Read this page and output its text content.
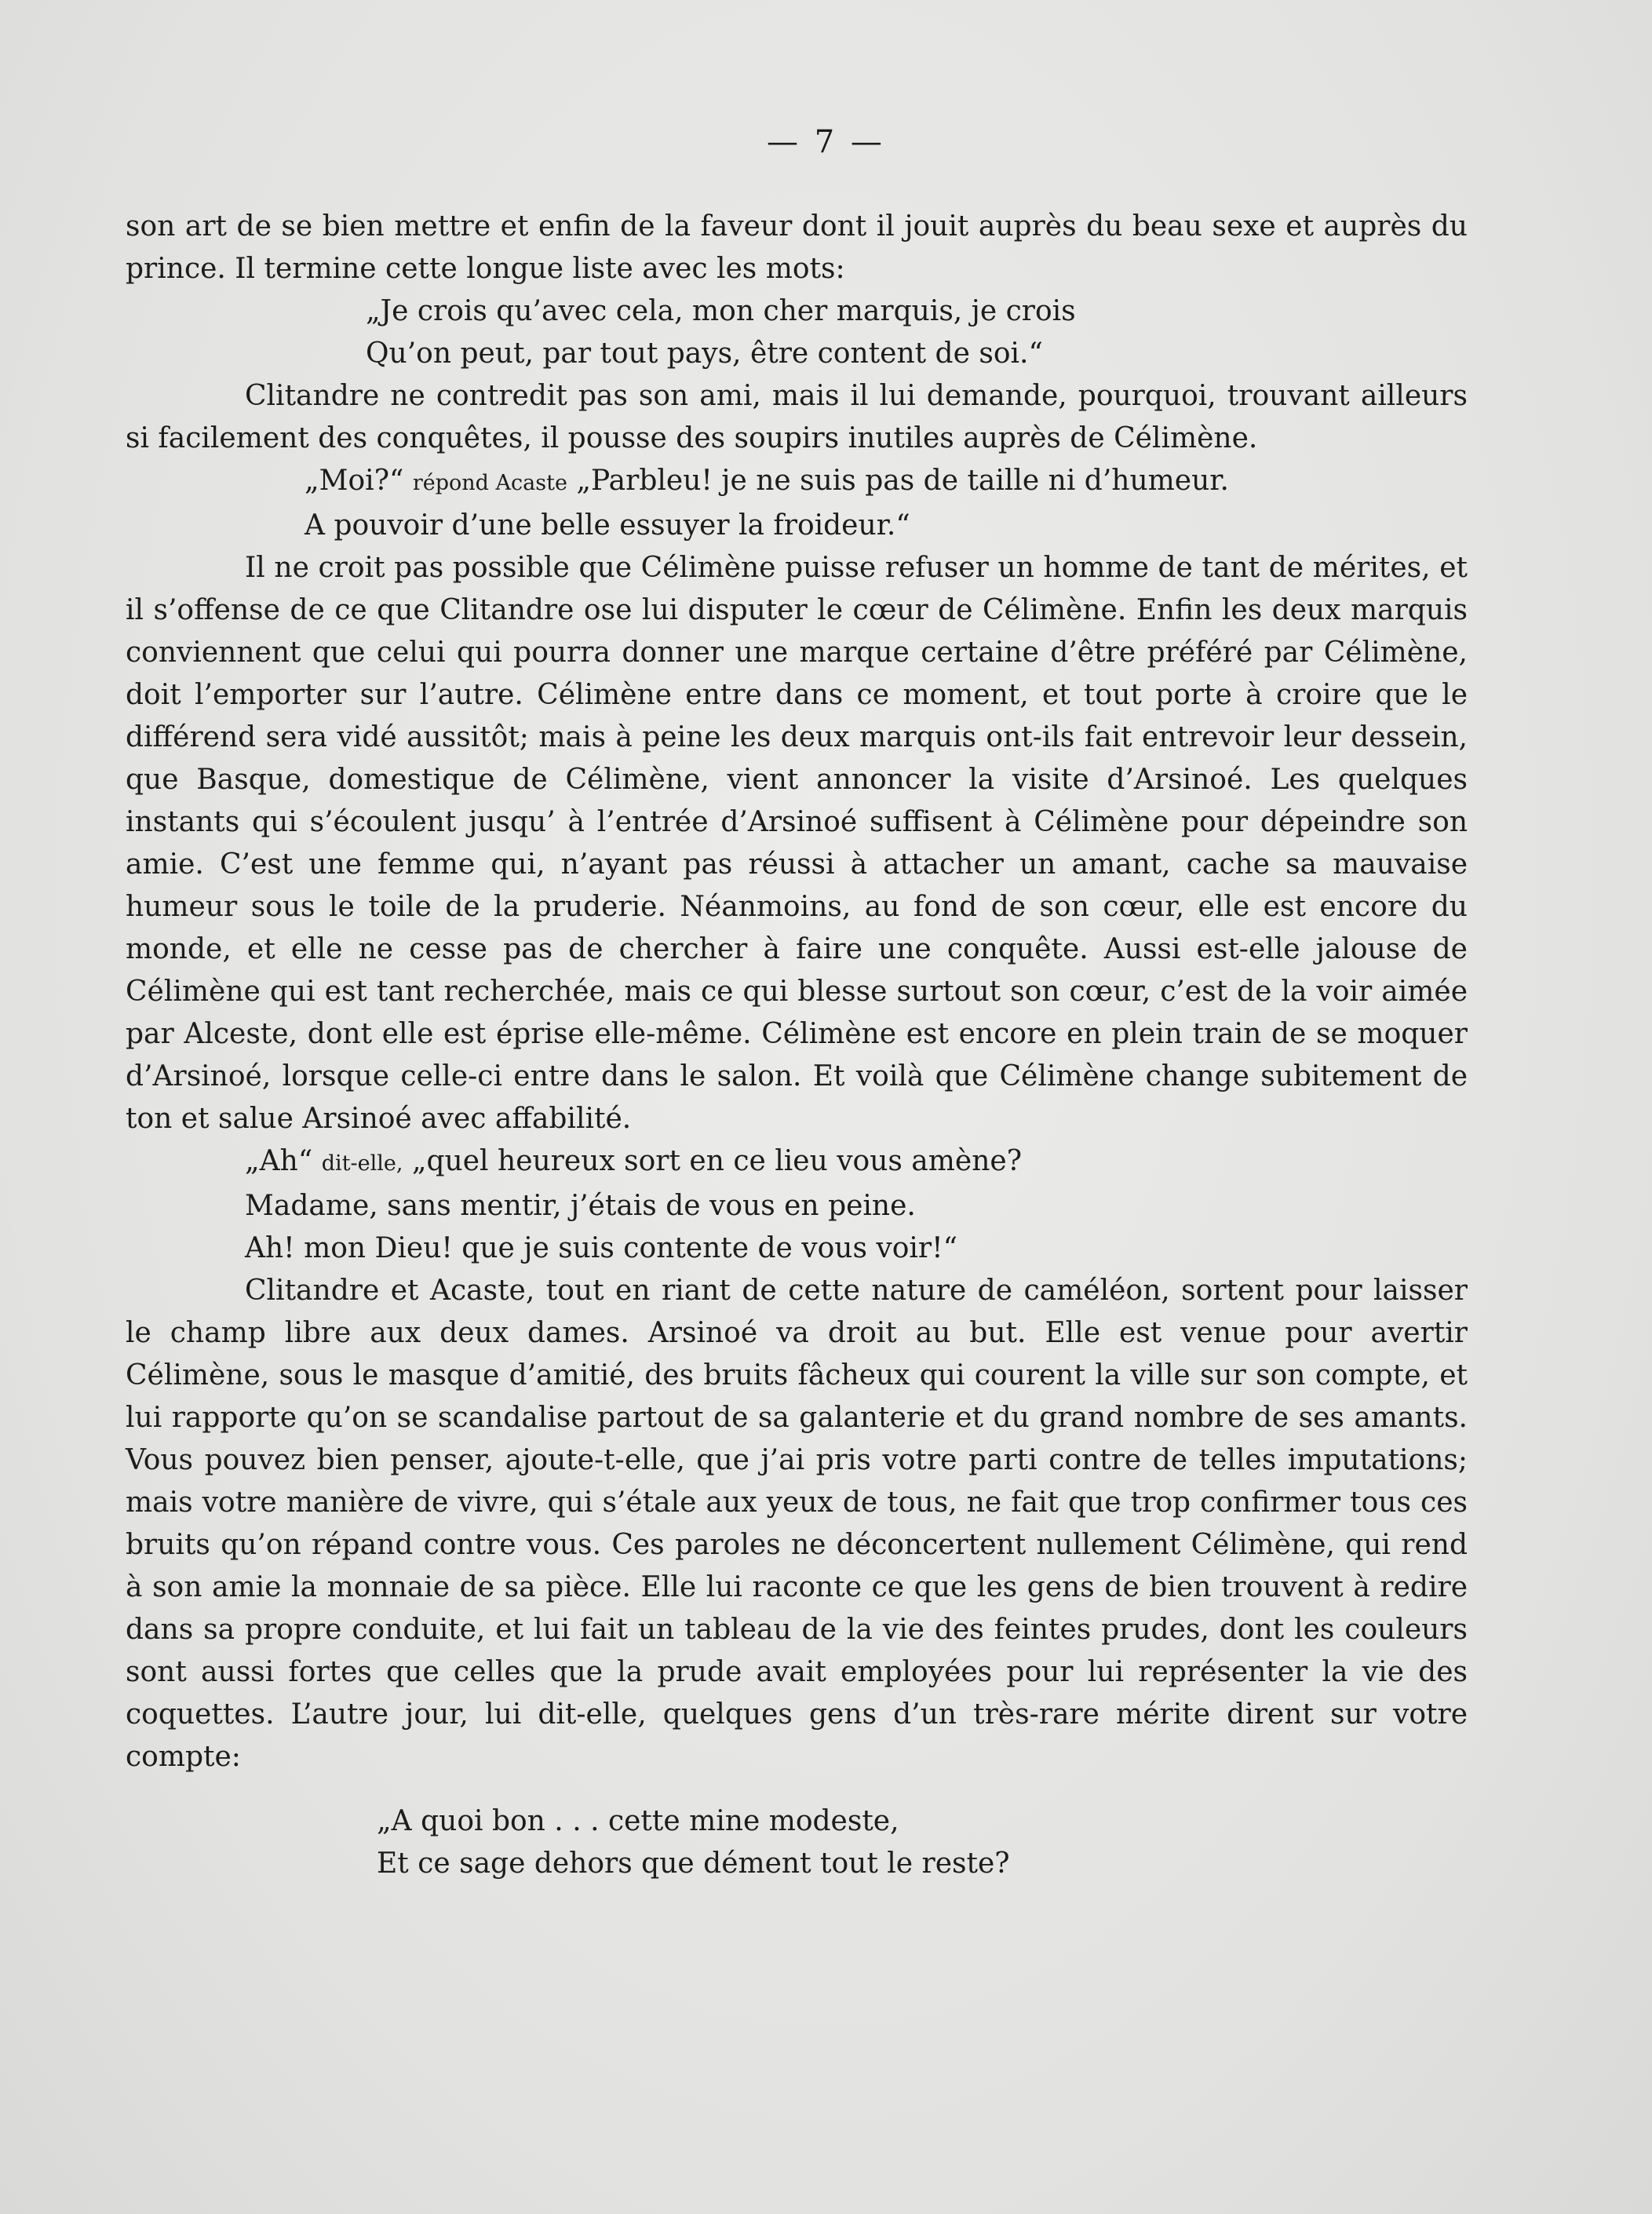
— 7 —

son art de se bien mettre et enfin de la faveur dont il jouit auprès du beau sexe et auprès du prince. Il termine cette longue liste avec les mots:

„Je crois qu’avec cela, mon cher marquis, je crois
Qu’on peut, par tout pays, être content de soi.“

Clitandre ne contredit pas son ami, mais il lui demande, pourquoi, trouvant ailleurs si facilement des conquêtes, il pousse des soupirs inutiles auprès de Célimène.

„Moi?“ répond Acaste „Parbleu! je ne suis pas de taille ni d’humeur.
A pouvoir d’une belle essuyer la froideur.“

Il ne croit pas possible que Célimène puisse refuser un homme de tant de mérites, et il s’offense de ce que Clitandre ose lui disputer le cœur de Célimène. Enfin les deux marquis conviennent que celui qui pourra donner une marque certaine d’être préféré par Célimène, doit l’emporter sur l’autre. Célimène entre dans ce moment, et tout porte à croire que le différend sera vidé aussitôt; mais à peine les deux marquis ont-ils fait entrevoir leur dessein, que Basque, domestique de Célimène, vient annoncer la visite d’Arsinoé. Les quelques instants qui s’écoulent jusqu’ à l’entrée d’Arsinoé suffisent à Célimène pour dépeindre son amie. C’est une femme qui, n’ayant pas réussi à attacher un amant, cache sa mauvaise humeur sous le toile de la pruderie. Néanmoins, au fond de son cœur, elle est encore du monde, et elle ne cesse pas de chercher à faire une conquête. Aussi est-elle jalouse de Célimène qui est tant recherchée, mais ce qui blesse surtout son cœur, c’est de la voir aimée par Alceste, dont elle est éprise elle-même. Célimène est encore en plein train de se moquer d’Arsinoé, lorsque celle-ci entre dans le salon. Et voilà que Célimène change subitement de ton et salue Arsinoé avec affabilité.

„Ah“ dit-elle, „quel heureux sort en ce lieu vous amène?
Madame, sans mentir, j’étais de vous en peine.
Ah! mon Dieu! que je suis contente de vous voir!“

Clitandre et Acaste, tout en riant de cette nature de caméléon, sortent pour laisser le champ libre aux deux dames. Arsinoé va droit au but. Elle est venue pour avertir Célimène, sous le masque d’amitié, des bruits fâcheux qui courent la ville sur son compte, et lui rapporte qu’on se scandalise partout de sa galanterie et du grand nombre de ses amants. Vous pouvez bien penser, ajoute-t-elle, que j’ai pris votre parti contre de telles imputations; mais votre manière de vivre, qui s’étale aux yeux de tous, ne fait que trop confirmer tous ces bruits qu’on répand contre vous. Ces paroles ne déconcertent nullement Célimène, qui rend à son amie la monnaie de sa pièce. Elle lui raconte ce que les gens de bien trouvent à redire dans sa propre conduite, et lui fait un tableau de la vie des feintes prudes, dont les couleurs sont aussi fortes que celles que la prude avait employées pour lui représenter la vie des coquettes. L’autre jour, lui dit-elle, quelques gens d’un très-rare mérite dirent sur votre compte:

„A quoi bon . . . cette mine modeste,
Et ce sage dehors que dément tout le reste?
